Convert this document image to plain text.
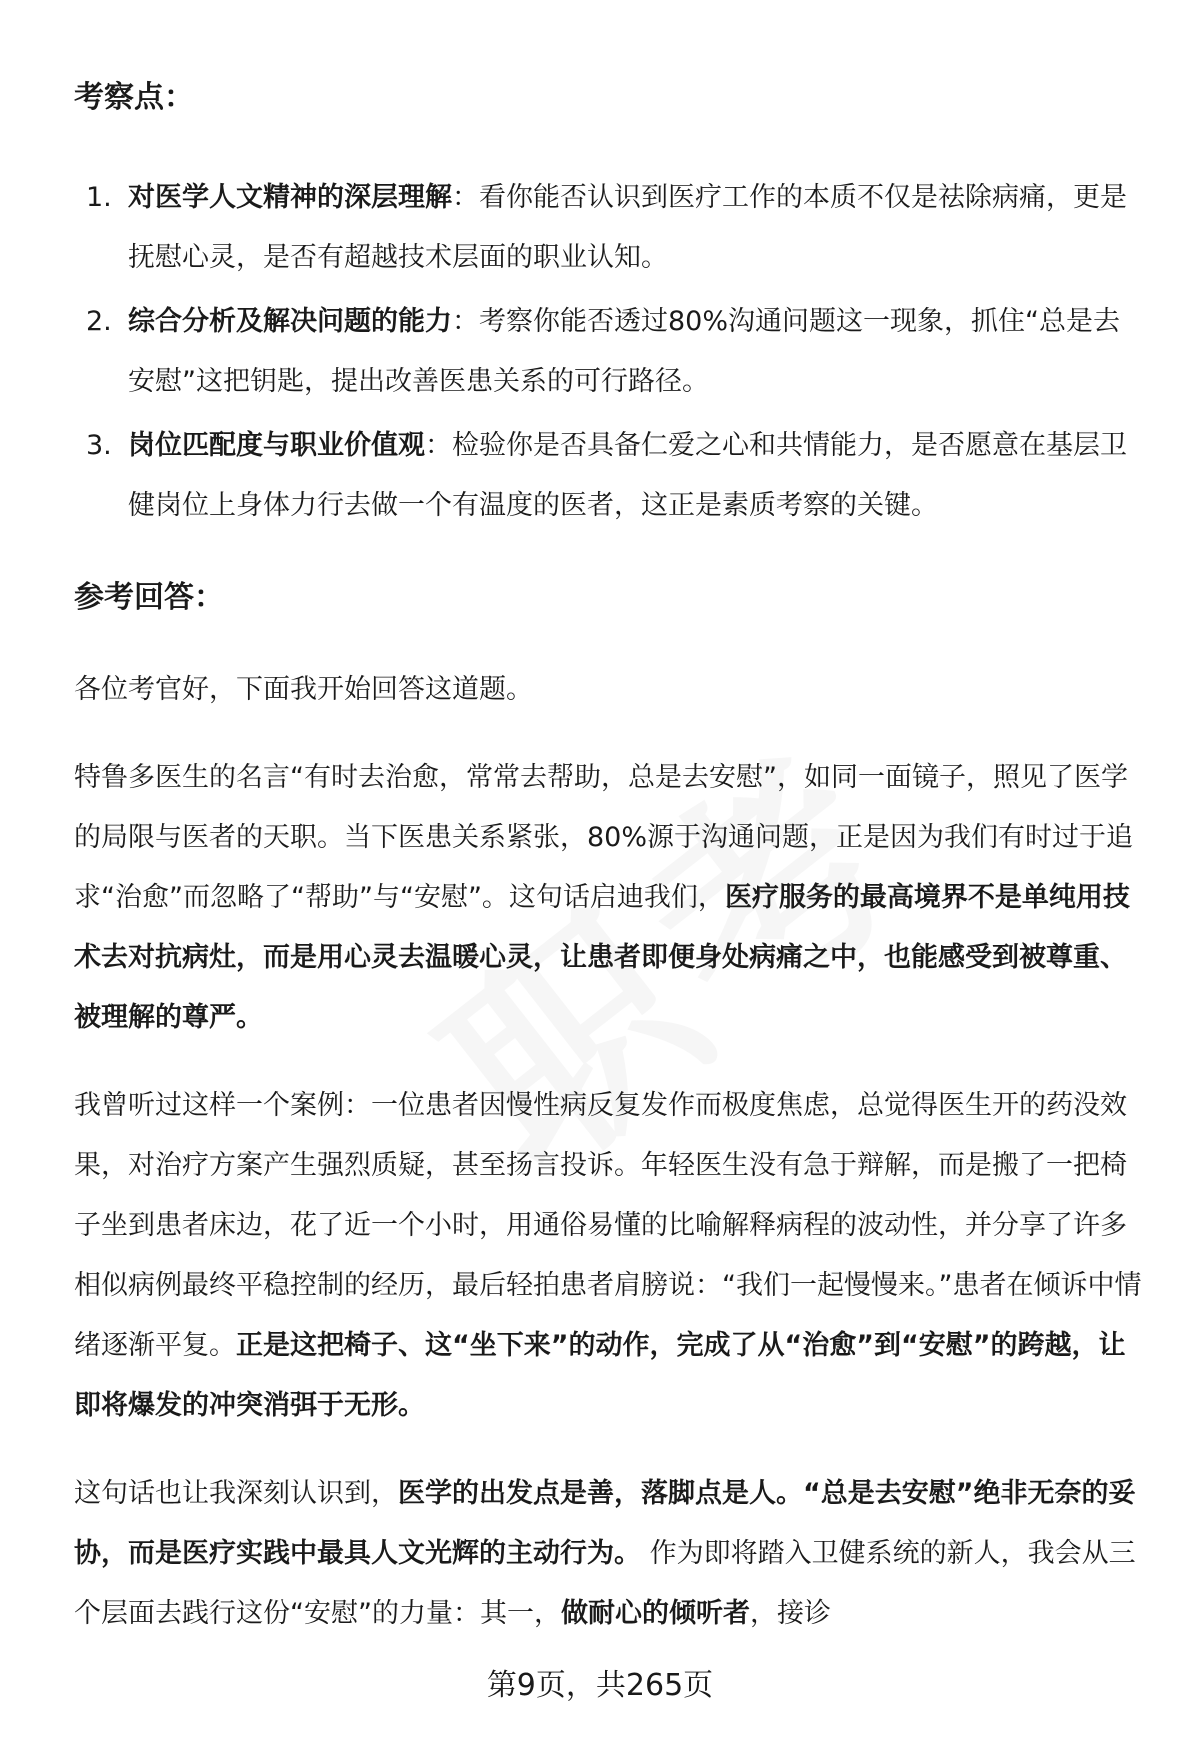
考察点：
1. 对医学人文精神的深层理解：看你能否认识到医疗工作的本质不仅是祛除病痛，更是抚慰心灵，是否有超越技术层面的职业认知。
2. 综合分析及解决问题的能力：考察你能否透过80%沟通问题这一现象，抓住“总是去安慰”这把钥匙，提出改善医患关系的可行路径。
3. 岗位匹配度与职业价值观：检验你是否具备仁爱之心和共情能力，是否愿意在基层卫健岗位上身体力行去做一个有温度的医者，这正是素质考察的关键。
参考回答：

各位考官好，下面我开始回答这道题。

特鲁多医生的名言“有时去治愈，常常去帮助，总是去安慰”，如同一面镜子，照见了医学的局限与医者的天职。当下医患关系紧张，80%源于沟通问题，正是因为我们有时过于追求“治愈”而忽略了“帮助”与“安慰”。这句话启迪我们，医疗服务的最高境界不是单纯用技术去对抗病灶，而是用心灵去温暖心灵，让患者即便身处病痛之中，也能感受到被尊重、被理解的尊严。

我曾听过这样一个案例：一位患者因慢性病反复发作而极度焦虑，总觉得医生开的药没效果，对治疗方案产生强烈质疑，甚至扬言投诉。年轻医生没有急于辩解，而是搬了一把椅子坐到患者床边，花了近一个小时，用通俗易懂的比喻解释病程的波动性，并分享了许多相似病例最终平稳控制的经历，最后轻拍患者肩膀说：“我们一起慢慢来。”患者在倾诉中情绪逐渐平复。正是这把椅子、这“坐下来”的动作，完成了从“治愈”到“安慰”的跨越，让即将爆发的冲突消弭于无形。

这句话也让我深刻认识到，医学的出发点是善，落脚点是人。“总是去安慰”绝非无奈的妥协，而是医疗实践中最具人文光辉的主动行为。 作为即将踏入卫健系统的新人，我会从三个层面去践行这份“安慰”的力量：其一，做耐心的倾听者，接诊

第9页，共265页
